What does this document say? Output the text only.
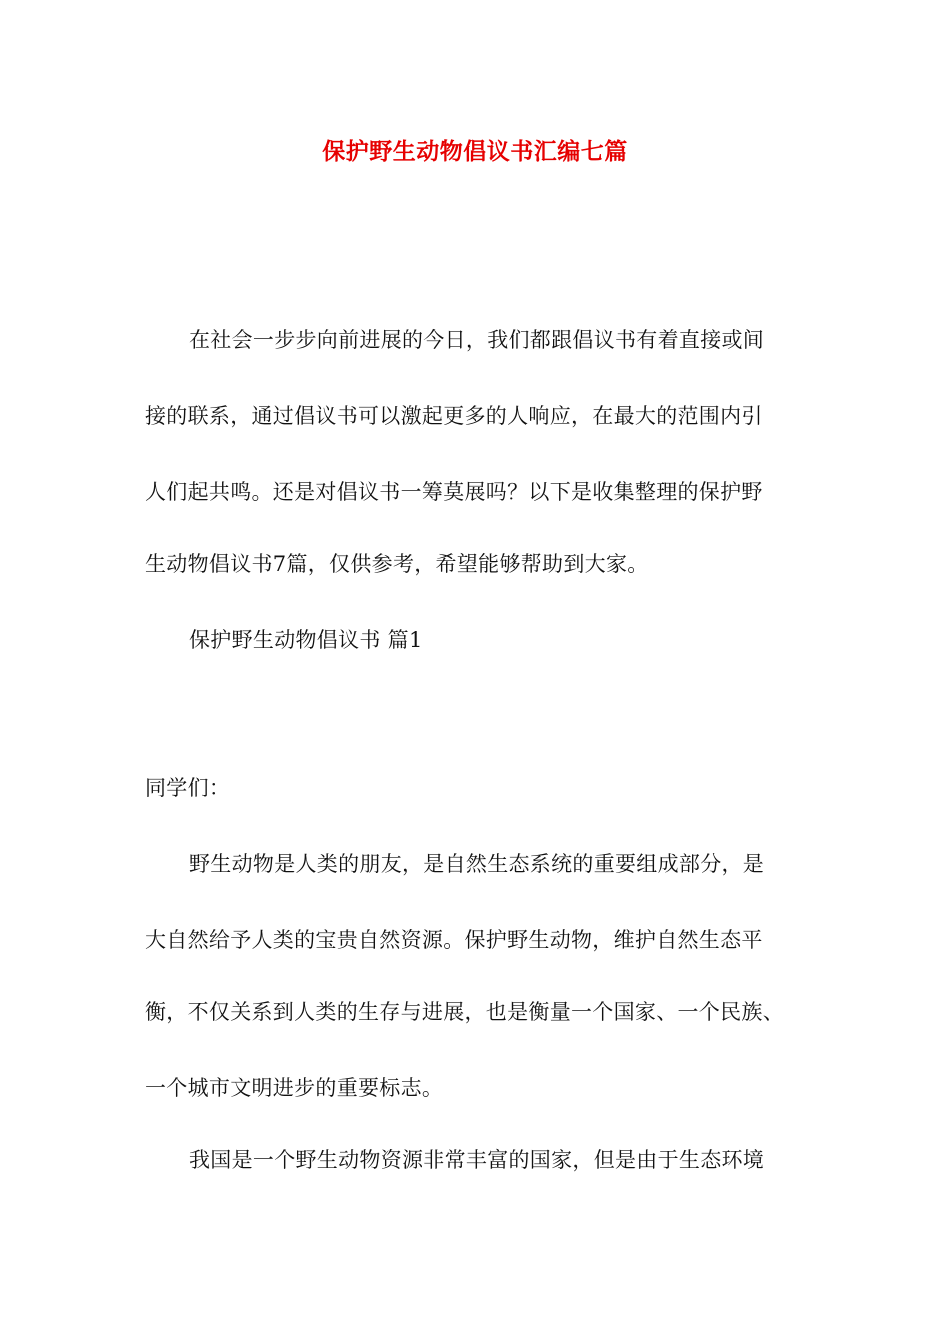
保护野生动物倡议书汇编七篇
在社会一步步向前进展的今日，我们都跟倡议书有着直接或间
接的联系，通过倡议书可以激起更多的人响应，在最大的范围内引
人们起共鸣。还是对倡议书一筹莫展吗？以下是收集整理的保护野
生动物倡议书7篇，仅供参考，希望能够帮助到大家。
保护野生动物倡议书 篇1
同学们：
野生动物是人类的朋友，是自然生态系统的重要组成部分，是
大自然给予人类的宝贵自然资源。保护野生动物，维护自然生态平
衡，不仅关系到人类的生存与进展，也是衡量一个国家、一个民族、
一个城市文明进步的重要标志。
我国是一个野生动物资源非常丰富的国家，但是由于生态环境
